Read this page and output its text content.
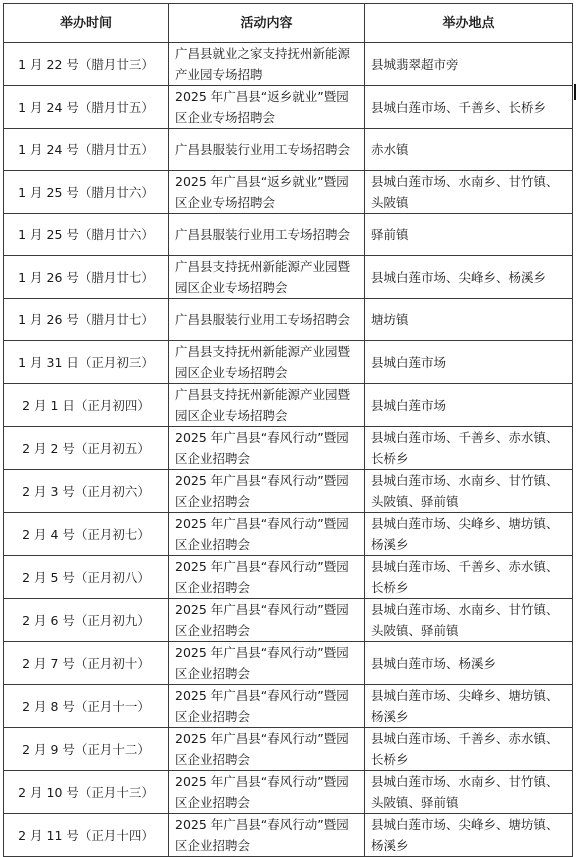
举办时间	活动内容	举办地点
1 月 22 号（腊月廿三）	广昌县就业之家支持抚州新能源产业园专场招聘	县城翡翠超市旁
1 月 24 号（腊月廿五）	2025 年广昌县“返乡就业”暨园区企业专场招聘会	县城白莲市场、千善乡、长桥乡
1 月 24 号（腊月廿五）	广昌县服装行业用工专场招聘会	赤水镇
1 月 25 号（腊月廿六）	2025 年广昌县“返乡就业”暨园区企业专场招聘会	县城白莲市场、水南乡、甘竹镇、头陂镇
1 月 25 号（腊月廿六）	广昌县服装行业用工专场招聘会	驿前镇
1 月 26 号（腊月廿七）	广昌县支持抚州新能源产业园暨园区企业专场招聘会	县城白莲市场、尖峰乡、杨溪乡
1 月 26 号（腊月廿七）	广昌县服装行业用工专场招聘会	塘坊镇
1 月 31 日（正月初三）	广昌县支持抚州新能源产业园暨园区企业专场招聘会	县城白莲市场
2 月 1 日（正月初四）	广昌县支持抚州新能源产业园暨园区企业专场招聘会	县城白莲市场
2 月 2 号（正月初五）	2025 年广昌县“春风行动”暨园区企业招聘会	县城白莲市场、千善乡、赤水镇、长桥乡
2 月 3 号（正月初六）	2025 年广昌县“春风行动”暨园区企业招聘会	县城白莲市场、水南乡、甘竹镇、头陂镇、驿前镇
2 月 4 号（正月初七）	2025 年广昌县“春风行动”暨园区企业招聘会	县城白莲市场、尖峰乡、塘坊镇、杨溪乡
2 月 5 号（正月初八）	2025 年广昌县“春风行动”暨园区企业招聘会	县城白莲市场、千善乡、赤水镇、长桥乡
2 月 6 号（正月初九）	2025 年广昌县“春风行动”暨园区企业招聘会	县城白莲市场、水南乡、甘竹镇、头陂镇、驿前镇
2 月 7 号（正月初十）	2025 年广昌县“春风行动”暨园区企业招聘会	县城白莲市场、杨溪乡
2 月 8 号（正月十一）	2025 年广昌县“春风行动”暨园区企业招聘会	县城白莲市场、尖峰乡、塘坊镇、杨溪乡
2 月 9 号（正月十二）	2025 年广昌县“春风行动”暨园区企业招聘会	县城白莲市场、千善乡、赤水镇、长桥乡
2 月 10 号（正月十三）	2025 年广昌县“春风行动”暨园区企业招聘会	县城白莲市场、水南乡、甘竹镇、头陂镇、驿前镇
2 月 11 号（正月十四）	2025 年广昌县“春风行动”暨园区企业招聘会	县城白莲市场、尖峰乡、塘坊镇、杨溪乡
